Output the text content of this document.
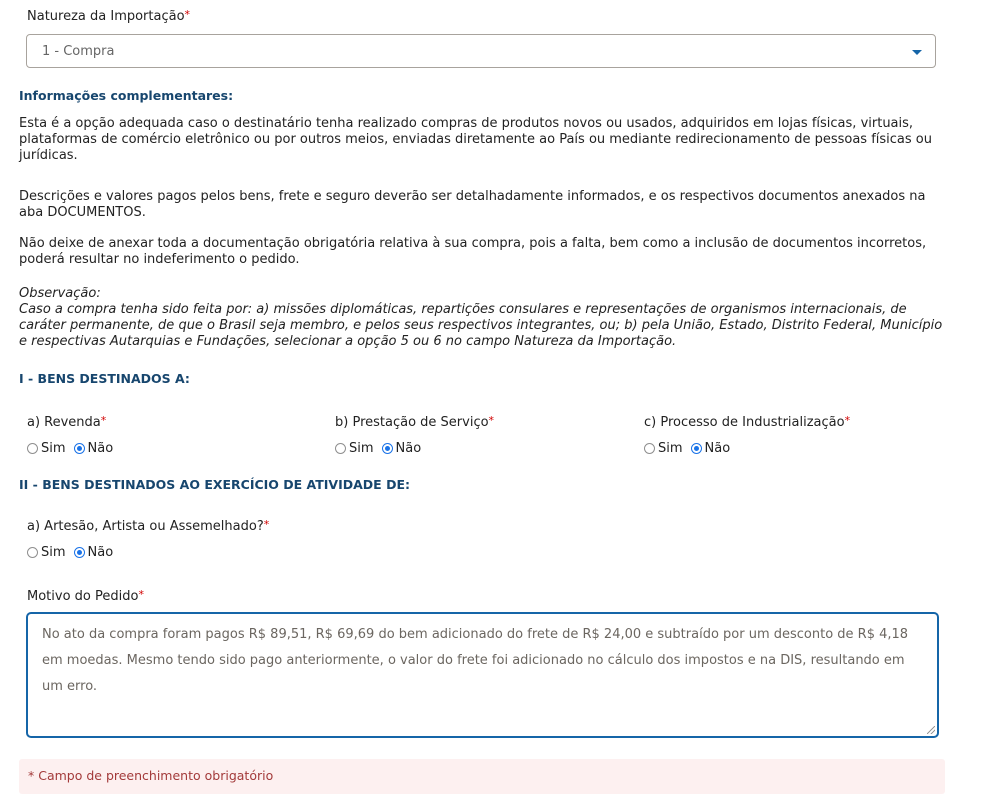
Natureza da Importação*
1 - Compra
Informações complementares:
Esta é a opção adequada caso o destinatário tenha realizado compras de produtos novos ou usados, adquiridos em lojas físicas, virtuais, plataformas de comércio eletrônico ou por outros meios, enviadas diretamente ao País ou mediante redirecionamento de pessoas físicas ou jurídicas.
Descrições e valores pagos pelos bens, frete e seguro deverão ser detalhadamente informados, e os respectivos documentos anexados na aba DOCUMENTOS.
Não deixe de anexar toda a documentação obrigatória relativa à sua compra, pois a falta, bem como a inclusão de documentos incorretos, poderá resultar no indeferimento o pedido.
Observação:
Caso a compra tenha sido feita por: a) missões diplomáticas, repartições consulares e representações de organismos internacionais, de caráter permanente, de que o Brasil seja membro, e pelos seus respectivos integrantes, ou; b) pela União, Estado, Distrito Federal, Município e respectivas Autarquias e Fundações, selecionar a opção 5 ou 6 no campo Natureza da Importação.
I - BENS DESTINADOS A:
a) Revenda*
Sim Não
b) Prestação de Serviço*
Sim Não
c) Processo de Industrialização*
Sim Não
II - BENS DESTINADOS AO EXERCÍCIO DE ATIVIDADE DE:
a) Artesão, Artista ou Assemelhado?*
Sim Não
Motivo do Pedido*
No ato da compra foram pagos R$ 89,51, R$ 69,69 do bem adicionado do frete de R$ 24,00 e subtraído por um desconto de R$ 4,18 em moedas. Mesmo tendo sido pago anteriormente, o valor do frete foi adicionado no cálculo dos impostos e na DIS, resultando em um erro.
* Campo de preenchimento obrigatório
